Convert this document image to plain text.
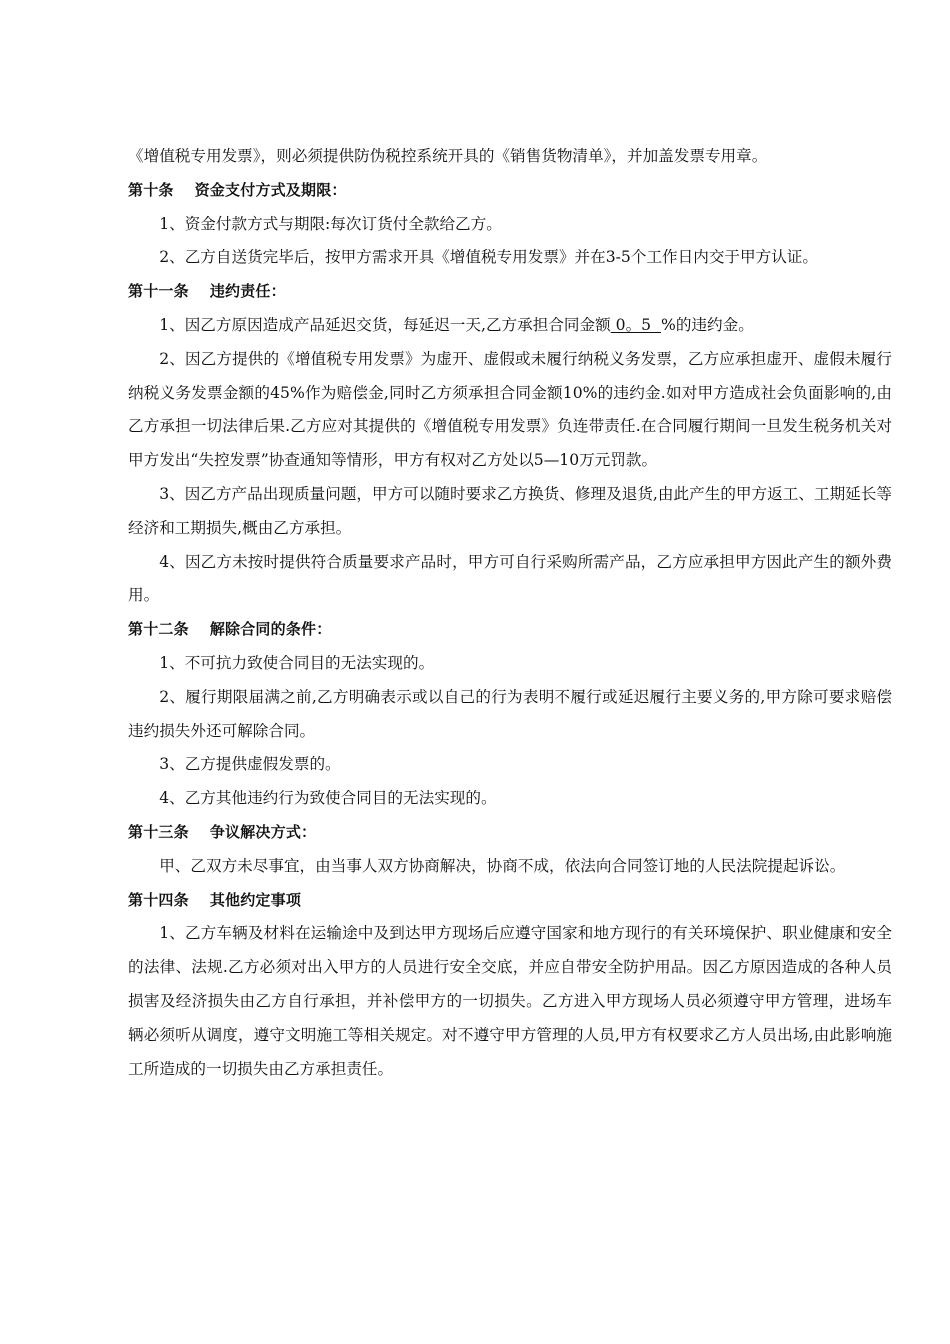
《增值税专用发票》，则必须提供防伪税控系统开具的《销售货物清单》，并加盖发票专用章。

第十条 资金支付方式及期限：

1、资金付款方式与期限:每次订货付全款给乙方。

2、乙方自送货完毕后，按甲方需求开具《增值税专用发票》并在3-5个工作日内交于甲方认证。

第十一条 违约责任：

1、因乙方原因造成产品延迟交货，每延迟一天,乙方承担合同金额 0。5  %的违约金。

2、因乙方提供的《增值税专用发票》为虚开、虚假或未履行纳税义务发票，乙方应承担虚开、虚假未履行纳税义务发票金额的45%作为赔偿金,同时乙方须承担合同金额10%的违约金.如对甲方造成社会负面影响的,由乙方承担一切法律后果.乙方应对其提供的《增值税专用发票》负连带责任.在合同履行期间一旦发生税务机关对甲方发出“失控发票”协查通知等情形，甲方有权对乙方处以5—10万元罚款。

3、因乙方产品出现质量问题，甲方可以随时要求乙方换货、修理及退货,由此产生的甲方返工、工期延长等经济和工期损失,概由乙方承担。

4、因乙方未按时提供符合质量要求产品时，甲方可自行采购所需产品，乙方应承担甲方因此产生的额外费用。

第十二条 解除合同的条件：

1、不可抗力致使合同目的无法实现的。

2、履行期限届满之前,乙方明确表示或以自己的行为表明不履行或延迟履行主要义务的,甲方除可要求赔偿违约损失外还可解除合同。

3、乙方提供虚假发票的。

4、乙方其他违约行为致使合同目的无法实现的。

第十三条 争议解决方式：

甲、乙双方未尽事宜，由当事人双方协商解决，协商不成，依法向合同签订地的人民法院提起诉讼。

第十四条 其他约定事项

1、乙方车辆及材料在运输途中及到达甲方现场后应遵守国家和地方现行的有关环境保护、职业健康和安全的法律、法规.乙方必须对出入甲方的人员进行安全交底，并应自带安全防护用品。因乙方原因造成的各种人员损害及经济损失由乙方自行承担，并补偿甲方的一切损失。乙方进入甲方现场人员必须遵守甲方管理，进场车辆必须听从调度，遵守文明施工等相关规定。对不遵守甲方管理的人员,甲方有权要求乙方人员出场,由此影响施工所造成的一切损失由乙方承担责任。
